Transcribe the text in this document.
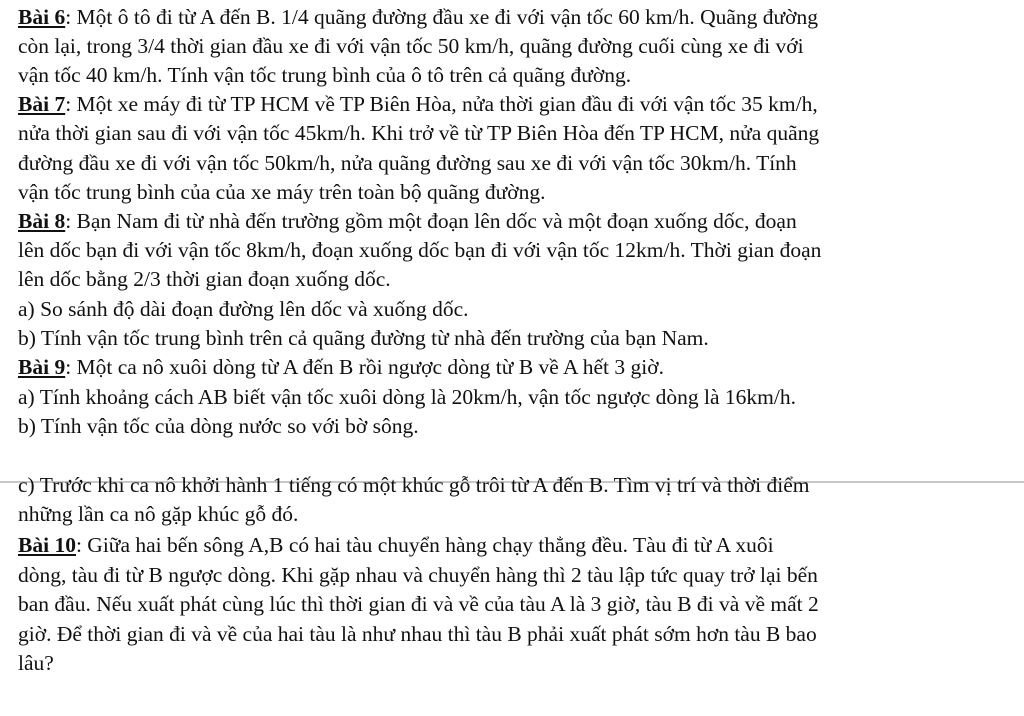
Bài 6: Một ô tô đi từ A đến B. 1/4 quãng đường đầu xe đi với vận tốc 60 km/h. Quãng đường
còn lại, trong 3/4 thời gian đầu xe đi với vận tốc 50 km/h, quãng đường cuối cùng xe đi với
vận tốc 40 km/h. Tính vận tốc trung bình của ô tô trên cả quãng đường.
Bài 7: Một xe máy đi từ TP HCM về TP Biên Hòa, nửa thời gian đầu đi với vận tốc 35 km/h,
nửa thời gian sau đi với vận tốc 45km/h. Khi trở về từ TP Biên Hòa đến TP HCM, nửa quãng
đường đầu xe đi với vận tốc 50km/h, nửa quãng đường sau xe đi với vận tốc 30km/h. Tính
vận tốc trung bình của của xe máy trên toàn bộ quãng đường.
Bài 8: Bạn Nam đi từ nhà đến trường gồm một đoạn lên dốc và một đoạn xuống dốc, đoạn
lên dốc bạn đi với vận tốc 8km/h, đoạn xuống dốc bạn đi với vận tốc 12km/h. Thời gian đoạn
lên dốc bằng 2/3 thời gian đoạn xuống dốc.
a) So sánh độ dài đoạn đường lên dốc và xuống dốc.
b) Tính vận tốc trung bình trên cả quãng đường từ nhà đến trường của bạn Nam.
Bài 9: Một ca nô xuôi dòng từ A đến B rồi ngược dòng từ B về A hết 3 giờ.
a) Tính khoảng cách AB biết vận tốc xuôi dòng là 20km/h, vận tốc ngược dòng là 16km/h.
b) Tính vận tốc của dòng nước so với bờ sông.
c) Trước khi ca nô khởi hành 1 tiếng có một khúc gỗ trôi từ A đến B. Tìm vị trí và thời điểm
những lần ca nô gặp khúc gỗ đó.
Bài 10: Giữa hai bến sông A,B có hai tàu chuyển hàng chạy thẳng đều. Tàu đi từ A xuôi
dòng, tàu đi từ B ngược dòng. Khi gặp nhau và chuyển hàng thì 2 tàu lập tức quay trở lại bến
ban đầu. Nếu xuất phát cùng lúc thì thời gian đi và về của tàu A là 3 giờ, tàu B đi và về mất 2
giờ. Để thời gian đi và về của hai tàu là như nhau thì tàu B phải xuất phát sớm hơn tàu B bao
lâu?
